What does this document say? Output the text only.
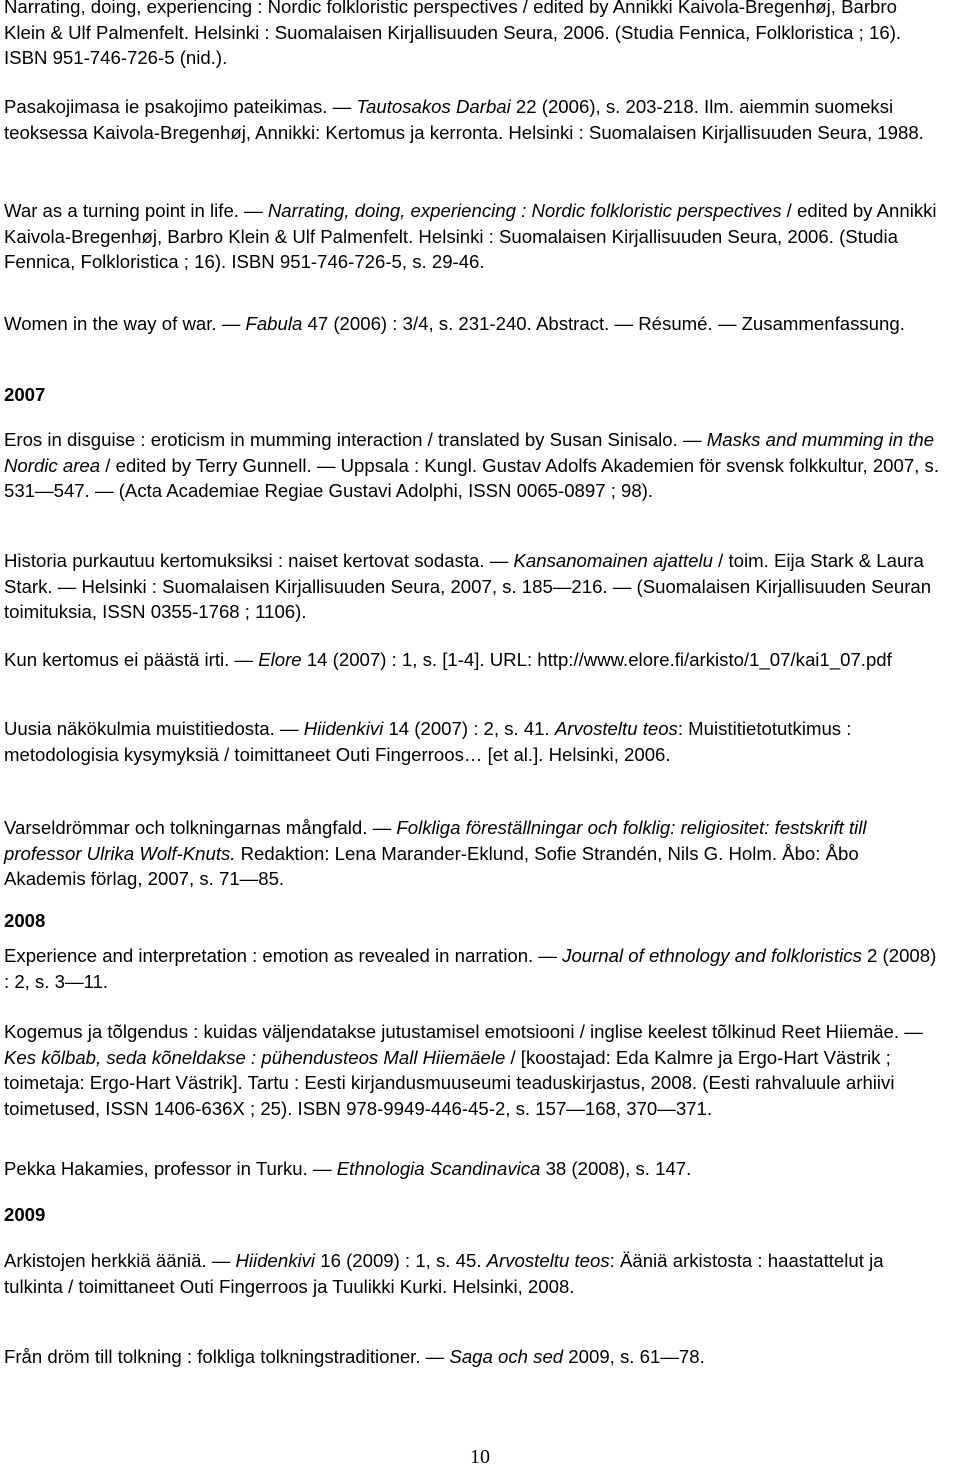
Narrating, doing, experiencing : Nordic folkloristic perspectives / edited by Annikki Kaivola-Bregenhøj, Barbro Klein & Ulf Palmenfelt. Helsinki : Suomalaisen Kirjallisuuden Seura, 2006. (Studia Fennica, Folkloristica ; 16). ISBN 951-746-726-5 (nid.).

Pasakojimasa ie psakojimo pateikimas. — Tautosakos Darbai 22 (2006), s. 203-218. Ilm. aiemmin suomeksi teoksessa Kaivola-Bregenhøj, Annikki: Kertomus ja kerronta. Helsinki : Suomalaisen Kirjallisuuden Seura, 1988.

War as a turning point in life. — Narrating, doing, experiencing : Nordic folkloristic perspectives / edited by Annikki Kaivola-Bregenhøj, Barbro Klein & Ulf Palmenfelt. Helsinki : Suomalaisen Kirjallisuuden Seura, 2006. (Studia Fennica, Folkloristica ; 16). ISBN 951-746-726-5, s. 29-46.

Women in the way of war. — Fabula 47 (2006) : 3/4, s. 231-240. Abstract. — Résumé. — Zusammenfassung.

2007

Eros in disguise : eroticism in mumming interaction / translated by Susan Sinisalo. — Masks and mumming in the Nordic area / edited by Terry Gunnell. — Uppsala : Kungl. Gustav Adolfs Akademien för svensk folkkultur, 2007, s. 531—547. — (Acta Academiae Regiae Gustavi Adolphi, ISSN 0065-0897 ; 98).

Historia purkautuu kertomuksiksi : naiset kertovat sodasta. — Kansanomainen ajattelu / toim. Eija Stark & Laura Stark. — Helsinki : Suomalaisen Kirjallisuuden Seura, 2007, s. 185—216. — (Suomalaisen Kirjallisuuden Seuran toimituksia, ISSN 0355-1768 ; 1106).

Kun kertomus ei päästä irti. — Elore 14 (2007) : 1, s. [1-4]. URL: http://www.elore.fi/arkisto/1_07/kai1_07.pdf

Uusia näkökulmia muistitiedosta. — Hiidenkivi 14 (2007) : 2, s. 41. Arvosteltu teos: Muistitietotutkimus : metodologisia kysymyksiä / toimittaneet Outi Fingerroos… [et al.]. Helsinki, 2006.

Varseldrömmar och tolkningarnas mångfald. — Folkliga föreställningar och folklig: religiositet: festskrift till professor Ulrika Wolf-Knuts. Redaktion: Lena Marander-Eklund, Sofie Strandén, Nils G. Holm. Åbo: Åbo Akademis förlag, 2007, s. 71—85.

2008

Experience and interpretation : emotion as revealed in narration. — Journal of ethnology and folkloristics 2 (2008) : 2, s. 3—11.

Kogemus ja tõlgendus : kuidas väljendatakse jutustamisel emotsiooni / inglise keelest tõlkinud Reet Hiiemäe. — Kes kõlbab, seda kõneldakse : pühendusteos Mall Hiiemäele / [koostajad: Eda Kalmre ja Ergo-Hart Västrik ; toimetaja: Ergo-Hart Västrik]. Tartu : Eesti kirjandusmuuseumi teaduskirjastus, 2008. (Eesti rahvaluule arhiivi toimetused, ISSN 1406-636X ; 25). ISBN 978-9949-446-45-2, s. 157—168, 370—371.

Pekka Hakamies, professor in Turku. — Ethnologia Scandinavica 38 (2008), s. 147.

2009

Arkistojen herkkiä ääniä. — Hiidenkivi 16 (2009) : 1, s. 45. Arvosteltu teos: Ääniä arkistosta : haastattelut ja tulkinta / toimittaneet Outi Fingerroos ja Tuulikki Kurki. Helsinki, 2008.

Från dröm till tolkning : folkliga tolkningstraditioner. — Saga och sed 2009, s. 61—78.

10
